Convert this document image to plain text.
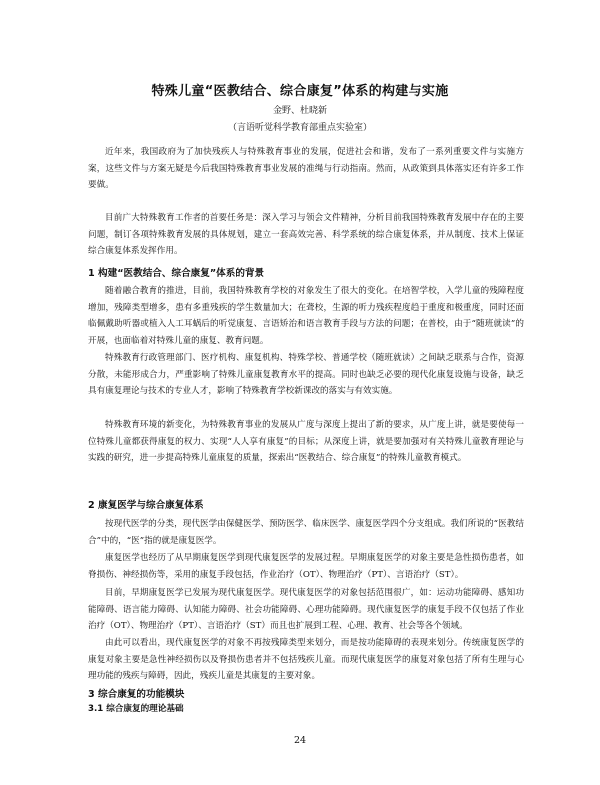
特殊儿童“医教结合、综合康复”体系的构建与实施
金野、杜晓新
（言语听觉科学教育部重点实验室）

近年来，我国政府为了加快残疾人与特殊教育事业的发展，促进社会和谐，发布了一系列重要文件与实施方案，这些文件与方案无疑是今后我国特殊教育事业发展的准绳与行动指南。然而，从政策到具体落实还有许多工作要做。

目前广大特殊教育工作者的首要任务是：深入学习与领会文件精神，分析目前我国特殊教育发展中存在的主要问题，制订各项特殊教育发展的具体规划，建立一套高效完善、科学系统的综合康复体系，并从制度、技术上保证综合康复体系发挥作用。

1 构建“医教结合、综合康复”体系的背景

随着融合教育的推进，目前，我国特殊教育学校的对象发生了很大的变化。在培智学校，入学儿童的残障程度增加，残障类型增多，患有多重残疾的学生数量加大；在聋校，生源的听力残疾程度趋于重度和极重度，同时还面临佩戴助听器或植入人工耳蜗后的听觉康复、言语矫治和语言教育手段与方法的问题；在普校，由于“随班就读”的开展，也面临着对特殊儿童的康复、教育问题。

特殊教育行政管理部门、医疗机构、康复机构、特殊学校、普通学校（随班就读）之间缺乏联系与合作，资源分散，未能形成合力，严重影响了特殊儿童康复教育水平的提高。同时也缺乏必要的现代化康复设施与设备，缺乏具有康复理论与技术的专业人才，影响了特殊教育学校新课改的落实与有效实施。

特殊教育环境的新变化，为特殊教育事业的发展从广度与深度上提出了新的要求，从广度上讲，就是要使每一位特殊儿童都获得康复的权力、实现“人人享有康复”的目标；从深度上讲，就是要加强对有关特殊儿童教育理论与实践的研究，进一步提高特殊儿童康复的质量，探索出“医教结合、综合康复”的特殊儿童教育模式。

2 康复医学与综合康复体系

按现代医学的分类，现代医学由保健医学、预防医学、临床医学、康复医学四个分支组成。我们所说的“医教结合”中的，“医”指的就是康复医学。

康复医学也经历了从早期康复医学到现代康复医学的发展过程。早期康复医学的对象主要是急性损伤患者，如脊损伤、神经损伤等，采用的康复手段包括，作业治疗（OT）、物理治疗（PT）、言语治疗（ST）。

目前，早期康复医学已发展为现代康复医学。现代康复医学的对象包括范围很广，如：运动功能障碍、感知功能障碍、语言能力障碍、认知能力障碍、社会功能障碍、心理功能障碍。现代康复医学的康复手段不仅包括了作业治疗（OT）、物理治疗（PT）、言语治疗（ST）而且也扩展到工程、心理、教育、社会等各个领域。

由此可以看出，现代康复医学的对象不再按残障类型来划分，而是按功能障碍的表现来划分。传统康复医学的康复对象主要是急性神经损伤以及脊损伤患者并不包括残疾儿童。而现代康复医学的康复对象包括了所有生理与心理功能的残疾与障碍，因此，残疾儿童是其康复的主要对象。

3 综合康复的功能模块
3.1 综合康复的理论基础
24
